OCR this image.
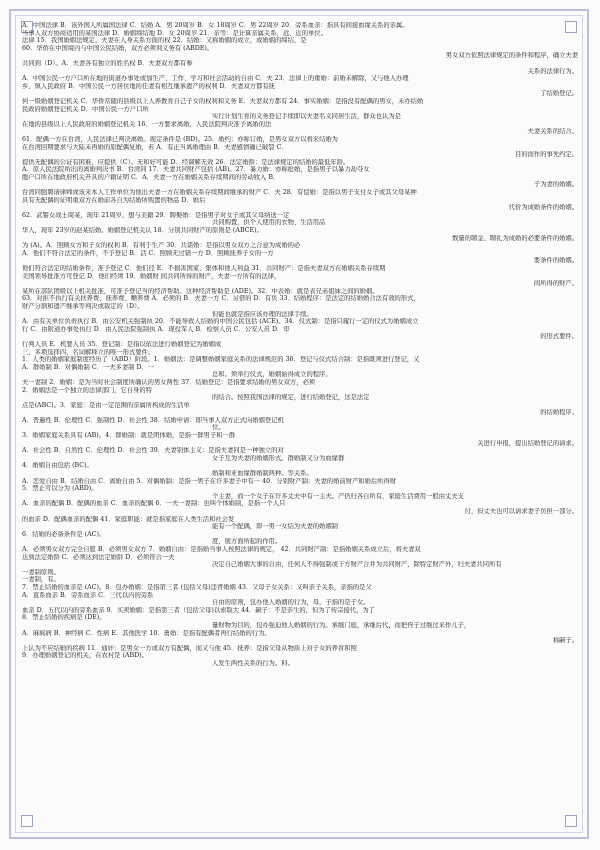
A．中国法律 B．该外国人所属国法律 C．结婚 A．男 20周岁 B．女 18周岁 C．男 22周岁 20．旁系血亲：指具有间接血缘关系的亲属。
当事人双方协商适用的某国法律 D．婚姻缔结地 D．女 20周岁 21．亲等：是计算亲属关系，远、近的单位。
法律 15．我国婚姻法规定，夫妻在人身关系方面的权 22．结婚：又称婚姻的成立，或婚姻的缔结，是
60．华侨在中国境内与中国公民结婚，双方必须利义务有 (ABDE)。
男女双方依照法律规定的条件和程序，确立夫妻
共同到（D）。A．夫妻各有独立的姓名权 B．夫妻双方都有参
关系的法律行为。
A．中国公民一方户口所在地的街道办事处或加生产、工作、学习和社会活动的自由 C．夫 23．法律上的重婚：前婚未解除，又与他人办理
乡、镇人民政府 B．中国公民一方居住地的任妻有相互继承遗产的权利 D．夫妻双方都有抚
了结婚登记。
何一级婚姻登记机关 C．华侨常随的县级以上人养教育自己子女的权利和义务 E．夫妻双方都有 24．事实婚姻：是指没有配偶的男女，未办结婚
民政府婚姻登记机关 D．中国公民一方户口所
实行计划生育的义务登记手续即以夫妻名义同居生活，群众也认为是
在地的县级以上人民政府的婚姻登记机关 16．一方要求离婚，人民法院判决准予离婚的法
夫妻关系的结合。
61．配偶一方在台湾，人民法律已判决离婚。现定条件是 (BD)。25．婚约：亦称订婚，是男女双方以将来结婚为
在台湾回期要求与大陆未再婚的原配偶复婚，若 A．有正当离婚理由 B．夫妻感情确已破裂 C．
目的而作的事先约定。
提供无配偶的公证有困难，应提供（C）。无和好可能 D．经调解无效 26．法定婚龄：是法律规定的结婚的最低年龄。
A．原人民法院所出的离婚判决书 B．台湾同 17．夫妻共同财产包括 (AB)。27．暴力婚：亦称抢婚，是指男子以暴力劫夺女
胞户口所在地政府机关开具的户籍证明 C．A．夫妻一方在婚姻关系存续期间的劳动收入 B．
子为妻的婚姻。
台湾同胞聘请律师或该来本人工作单位为他出夫妻一方在婚姻关系存续期间继承的财产 C．夫 28．有偿婚：是指以男子支付女子或其父母某种
具有无配偶的证明重双方在婚前各自为结婚所购置的物品 D．婚后
代价为成婚条件的婚姻。
62．武警女战士周某，现年 21周岁，想与美籍 29．聘娶婚：是指男子对女子或其父母纳送一定
共同购置，供个人使用的衣物、生活用品
华人，现年 23岁的赵某结婚。婚姻登记机关认 18．分别共同财产的原则是 (ABCE)。
数量的聘金、聘礼为成婚的必要条件的婚姻。
为 (A)。A．照顾女方和子女的权利 B．有利于生产 30．共诺婚：是指以男女双方之合意为成婚的必
A．他们不符合法定的条件，不予登记 B．活 C．照顾无过错一方 D．照顾抚养子女的一方
要条件的婚姻。
他们符合法定的结婚条件，准予登记 C．他们径 E．不损害国家、集体和他人利益 31．共同财产：是指夫妻双方在婚姻关系存续期
美国领导批准方可登记 D．他们经须 19．婚姻财 间共同所得的财产，夫妻一方所有的法律，
间所得的财产。
某所在部队团级以上机关批准，可准予登记当的经济帮助。这种经济帮助是 (ADE)。32．中表婚：就是表兄弟姐妹之间的婚姻。
63．对拒不执行有关扶养费、抚养费、赡养费 A．必须的 B．夫妻一方 C．另借的 D．有负 33．结婚程序：是法定的结婚婚合法有效的形式，
财产分割和遗产继承等判决或裁定的（D）。
但能也就是指应该办理的法律手续。
A．由有关单位负责执行 B．由公安机关强制执 20．不能导致人结婚的中国公民包括 (ACE)。34．仪式制：是指只履行一定的仪式为婚姻成立
行 C．由附道办事处执行 D．由人民法院强制执 A．现役军人 B．检察人员 C．公安人员 D．审
的形式要件。
行判人员 E．机要人员 35．登记制：是指以依法进行婚姻登记为婚姻成
三、多项选择四、名词解释立的唯一形式要件。
1．人类的婚姻家庭制度经历了（ABD）阶段。1．婚姻法：是调整婚姻家庭关系的法律规范的 36．登记与仪式结合制：是指既须进行登记，又
A．群婚制 B．对偶婚制 C．一夫多妻制 D．一
总和。须举行仪式，婚姻始得成立的程序。
夫一妻制 2．婚姻：是为当时社会制度所确认的男女两性 37．结婚登记：是指要求结婚的男女双方，必须
2．婚姻法是一个独立的法律部门，它自身的特
的结合。按照我国法律的规定，进行结婚登记，这是法定
点是(ABC)。3．家庭：是由一定范围的亲属所构成的生活单
的结婚程序。
A．普遍性 B．伦理性 C．强制性 D．社会性 38．结婚申请：即当事人双方正式向婚姻登记机
位。
3．婚姻家庭关系具有 (AB)。4．群婚制：就是团体婚，是指一群男子和一群
关进行申报，提出结婚登记的请求。
A．社会性 B．自然性 C．伦理性 D．社会性 39．夫妻别体主义：是指夫妻同是一种独立的对
女子互为夫妻的婚姻形式。群婚制又分为血缘群
4．婚姻自由包括 (BC)。
婚制和亚血缘群婚制两种。等关系。
A．恋爱自由 B．结婚自由 C．离婚自由 5．对偶婚制：是指一男子在许多妻子中有一 40．分别财产制：夫妻的婚前财产和婚后所得财
5．禁止可以分为 (ABD)。
个主妻，而一个女子在许多丈夫中有一主夫。产仍归各自所有，家庭生活费用一般由丈夫支
A．血亲的配偶 B．配偶的血亲 C．血亲的配偶 6．一夫一妻制：也叫个体婚制，是指一个人只
付，但丈夫也可以请求妻子负担一部分。
的血亲 D．配偶血亲的配偶 41．家庭职能：就是指家庭在人类生活和社会发
能有一个配偶，即一男一女结为夫妻的婚姻制
6．结婚的必备条件是 (AC)。
度，展方面所起的作用。
A．必须男女双方完全自愿 B．必须男女双方 7．婚姻自由：是指婚当事人按照法律的规定， 42．共同财产制：是指婚姻关系成立后，将夫妻双
达到法定婚龄 C．必须达到法定婚龄 D．必须符合一夫
决定自己婚姻大事的自由，任何人不得强制或干方财产合并为共同财产，除特定财产外，归夫妻共同所有
一妻制原则。
一妻制，有。
7．禁止结婚的血亲是 (AC)。8．包办婚姻：是指第三者 (包括父母)违背婚姻 43．父母子女关系：又叫亲子关系，亲指的是父
A．直系血亲 B．旁系血亲 C．三代以内的旁系
自由的原则，包办他人婚姻的行为，母，子指的是子女。
血亲 D．五代以内的旁系血亲 9．买卖婚姻：是指第三者（包括父母)以索取大 44．嗣子：不是亲生的，但为了传宗接代，为了
8．禁止结婚的疾病是 (DE)。
量财物为目的，包办强迫他人婚姻的行为。承继门庭，承继后代，而把侄子过继过来作儿子，
A．麻疯病 B．神经病 C．性病 E．其他医学 10．勇婚：是指有配偶者再行结婚的行为。
称嗣子。
上认为不应结婚的疾病 11．通奸：是男女一方或双方有配偶，而又与他 45．抚养：是指父母从物质上对子女的养育和照
9．办理婚姻登记的机关，在农村是 (ABD)。
人发生两性关系的行为。料。
